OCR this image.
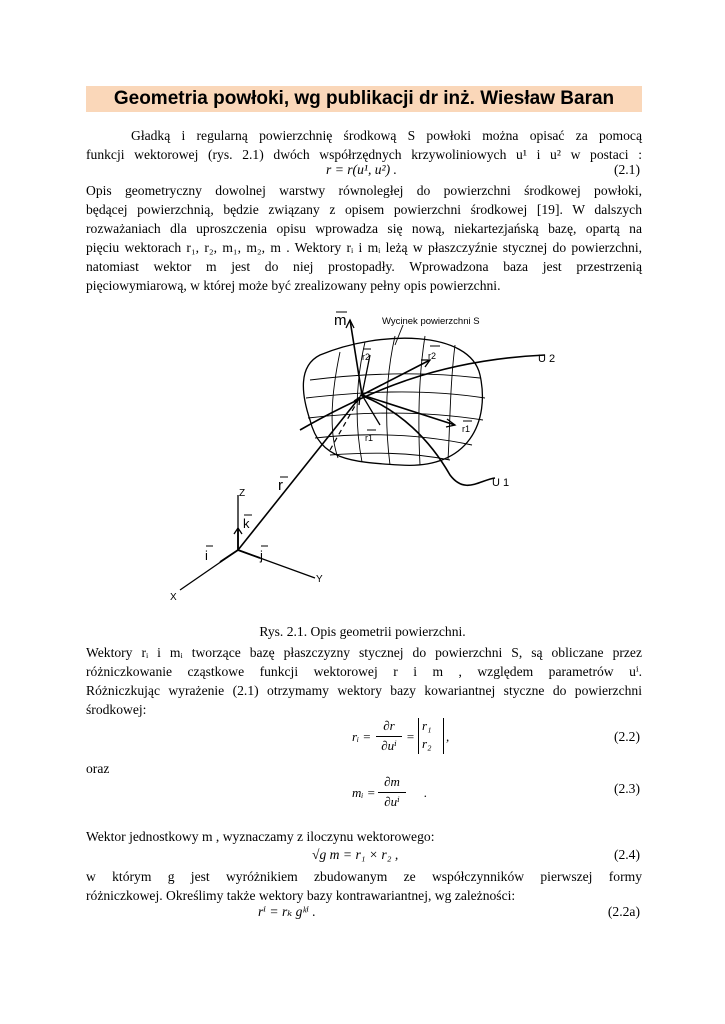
Geometria powłoki, wg publikacji dr inż. Wiesław Baran
Gładką i regularną powierzchnię środkową S powłoki można opisać za pomocą
funkcji wektorowej (rys. 2.1) dwóch współrzędnych krzywoliniowych u¹ i u² w postaci :
r = r(u¹, u²) .	(2.1)
Opis geometryczny dowolnej warstwy równoległej do powierzchni środkowej powłoki,
będącej powierzchnią, będzie związany z opisem powierzchni środkowej [19]. W dalszych
rozważaniach dla uproszczenia opisu wprowadza się nową, niekartezjańską bazę, opartą na
pięciu wektorach r₁, r₂, m₁, m₂, m . Wektory rᵢ i mᵢ leżą w płaszczyźnie stycznej do powierzchni,
natomiast wektor m jest do niej prostopadły. Wprowadzona baza jest przestrzenią
pięciowymiarową, w której może być zrealizowany pełny opis powierzchni.
m	Wycinek powierzchni S
r2	r2	U 2
r1
r1
U 1
r
Z
k
i	j
Y
X
Rys. 2.1. Opis geometrii powierzchni.
Wektory rᵢ i mᵢ tworzące bazę płaszczyzny stycznej do powierzchni S, są obliczane przez
różniczkowanie cząstkowe funkcji wektorowej r i m , względem parametrów uⁱ.
Różniczkując wyrażenie (2.1) otrzymamy wektory bazy kowariantnej styczne do powierzchni
środkowej:
rᵢ =
∂r
∂uⁱ
=
r₁
r₂ ,	(2.2)
oraz
mᵢ =
∂m
∂uⁱ
.	(2.3)
Wektor jednostkowy m , wyznaczamy z iloczynu wektorowego:
√g m = r₁ × r₂ ,	(2.4)
w którym g jest wyróżnikiem zbudowanym ze współczynników pierwszej formy
różniczkowej. Określimy także wektory bazy kontrawariantnej, wg zależności:
rⁱ = rₖ gᵏⁱ .	(2.2a)
